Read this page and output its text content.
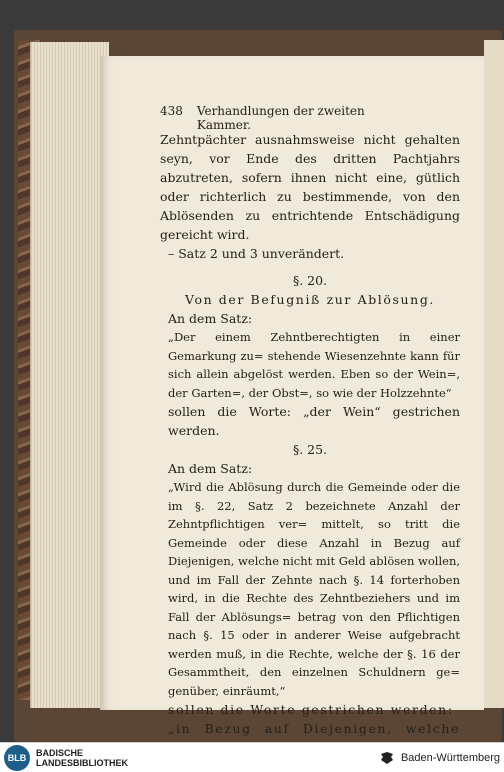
438 Verhandlungen der zweiten Kammer.

Zehntpächter ausnahmsweise nicht gehalten seyn, vor Ende des dritten Pachtjahrs abzutreten, sofern ihnen nicht eine, gütlich oder richterlich zu bestimmende, von den Ablösenden zu entrichtende Entschädigung gereicht wird.

– Satz 2 und 3 unverändert.

§. 20.

Von der Befugniß zur Ablösung.

An dem Satz:

„Der einem Zehntberechtigten in einer Gemarkung zu= stehende Wiesenzehnte kann für sich allein abgelöst werden. Eben so der Wein=, der Garten=, der Obst=, so wie der Holzzehnte“

sollen die Worte: „der Wein“ gestrichen werden.

§. 25.

An dem Satz:

„Wird die Ablösung durch die Gemeinde oder die im §. 22, Satz 2 bezeichnete Anzahl der Zehntpflichtigen ver= mittelt, so tritt die Gemeinde oder diese Anzahl in Bezug auf Diejenigen, welche nicht mit Geld ablösen wollen, und im Fall der Zehnte nach §. 14 forterhoben wird, in die Rechte des Zehntbeziehers und im Fall der Ablösungs= betrag von den Pflichtigen nach §. 15 oder in anderer Weise aufgebracht werden muß, in die Rechte, welche der §. 16 der Gesammtheit, den einzelnen Schuldnern ge= genüber, einräumt,“

sollen die Worte gestrichen werden:

„in Bezug auf Diejenigen, welche

BLB	BADISCHE
LANDESBIBLIOTHEK	Baden-Württemberg
